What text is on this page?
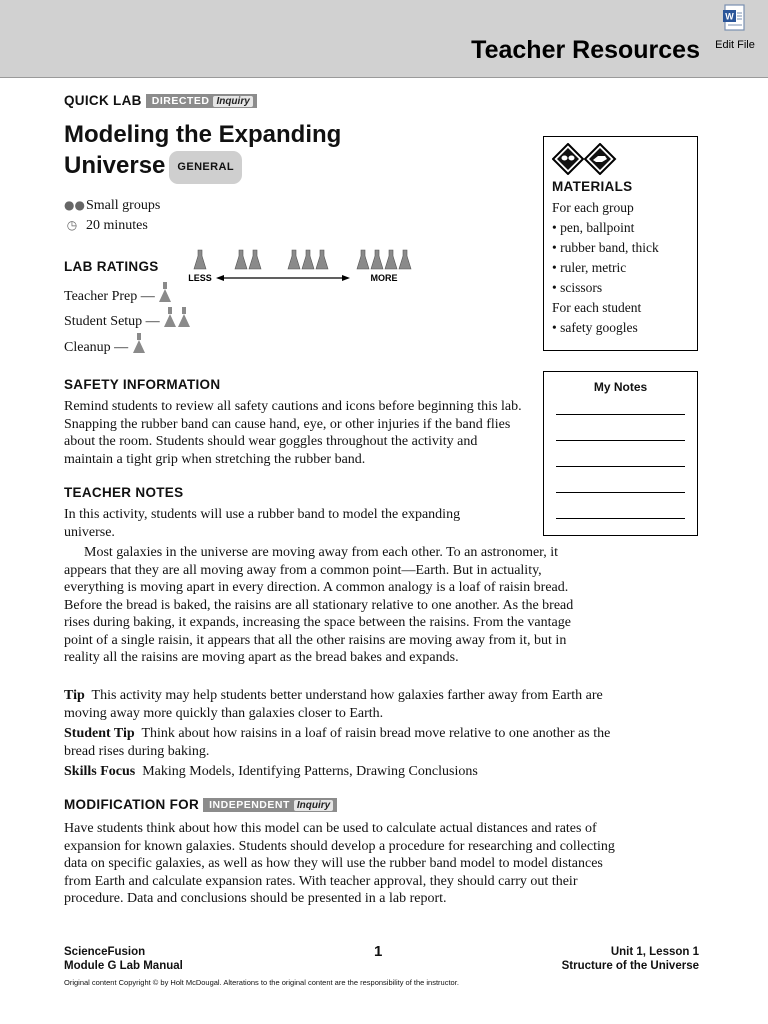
Teacher Resources
W
Edit File
QUICK LAB DIRECTED Inquiry
Modeling the Expanding
Universe GENERAL
●●Small groups
◷ 20 minutes
LAB RATINGS
LESS	MORE
Teacher Prep —
Student Setup —
Cleanup —
SAFETY INFORMATION
Remind students to review all safety cautions and icons before beginning this lab. Snapping the rubber band can cause hand, eye, or other injuries if the band flies about the room. Students should wear goggles throughout the activity and maintain a tight grip when stretching the rubber band.
TEACHER NOTES
In this activity, students will use a rubber band to model the expanding universe.
Most galaxies in the universe are moving away from each other. To an astronomer, it appears that they are all moving away from a common point—Earth. But in actuality, everything is moving apart in every direction. A common analogy is a loaf of raisin bread. Before the bread is baked, the raisins are all stationary relative to one another. As the bread rises during baking, it expands, increasing the space between the raisins. From the vantage point of a single raisin, it appears that all the other raisins are moving away from it, but in reality all the raisins are moving apart as the bread bakes and expands.
Tip This activity may help students better understand how galaxies farther away from Earth are moving away more quickly than galaxies closer to Earth.
Student Tip Think about how raisins in a loaf of raisin bread move relative to one another as the bread rises during baking.
Skills Focus Making Models, Identifying Patterns, Drawing Conclusions
MODIFICATION FOR INDEPENDENT Inquiry
Have students think about how this model can be used to calculate actual distances and rates of expansion for known galaxies. Students should develop a procedure for researching and collecting data on specific galaxies, as well as how they will use the rubber band model to model distances from Earth and calculate expansion rates. With teacher approval, they should carry out their procedure. Data and conclusions should be presented in a lab report.
MATERIALS
For each group
• pen, ballpoint
• rubber band, thick
• ruler, metric
• scissors
For each student
• safety googles
My Notes
ScienceFusion
Module G Lab Manual
1	Unit 1, Lesson 1
Structure of the Universe
Original content Copyright © by Holt McDougal. Alterations to the original content are the responsibility of the instructor.
